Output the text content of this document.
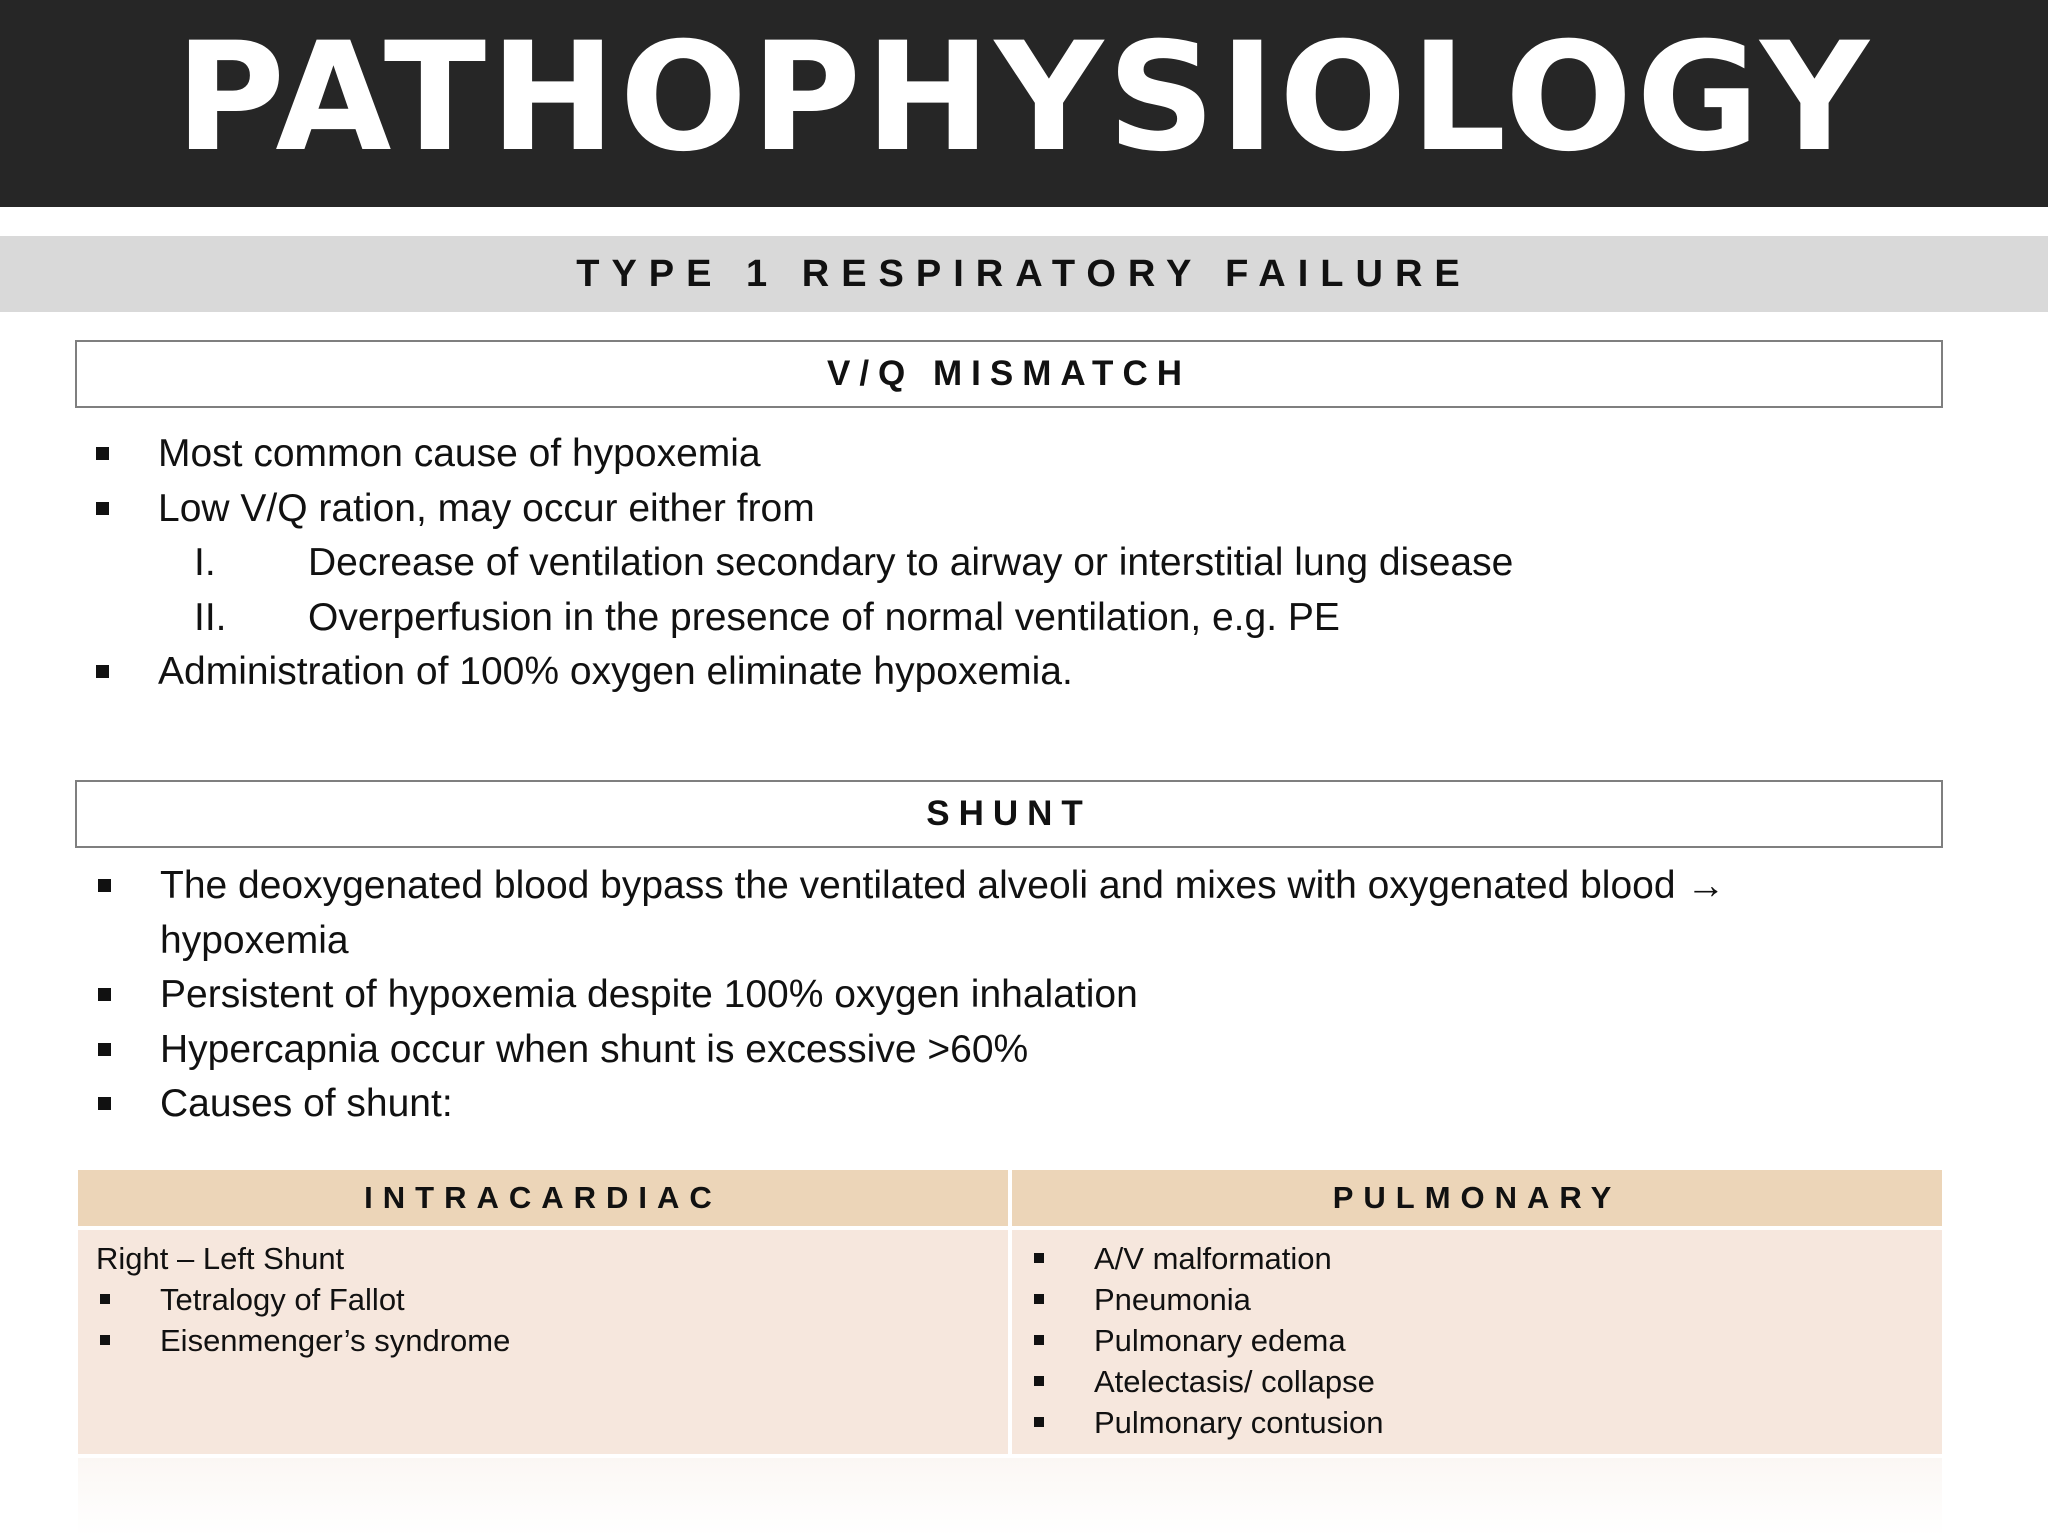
PATHOPHYSIOLOGY
TYPE 1 RESPIRATORY FAILURE
V/Q MISMATCH
Most common cause of hypoxemia
Low V/Q ration, may occur either from
I. Decrease of ventilation secondary to airway or interstitial lung disease
II. Overperfusion in the presence of normal ventilation, e.g. PE
Administration of 100% oxygen eliminate hypoxemia.
SHUNT
The deoxygenated blood bypass the ventilated alveoli and mixes with oxygenated blood →
hypoxemia
Persistent of hypoxemia despite 100% oxygen inhalation
Hypercapnia occur when shunt is excessive >60%
Causes of shunt:
INTRACARDIAC
Right – Left Shunt
Tetralogy of Fallot
Eisenmenger’s syndrome
PULMONARY
A/V malformation
Pneumonia
Pulmonary edema
Atelectasis/ collapse
Pulmonary contusion
